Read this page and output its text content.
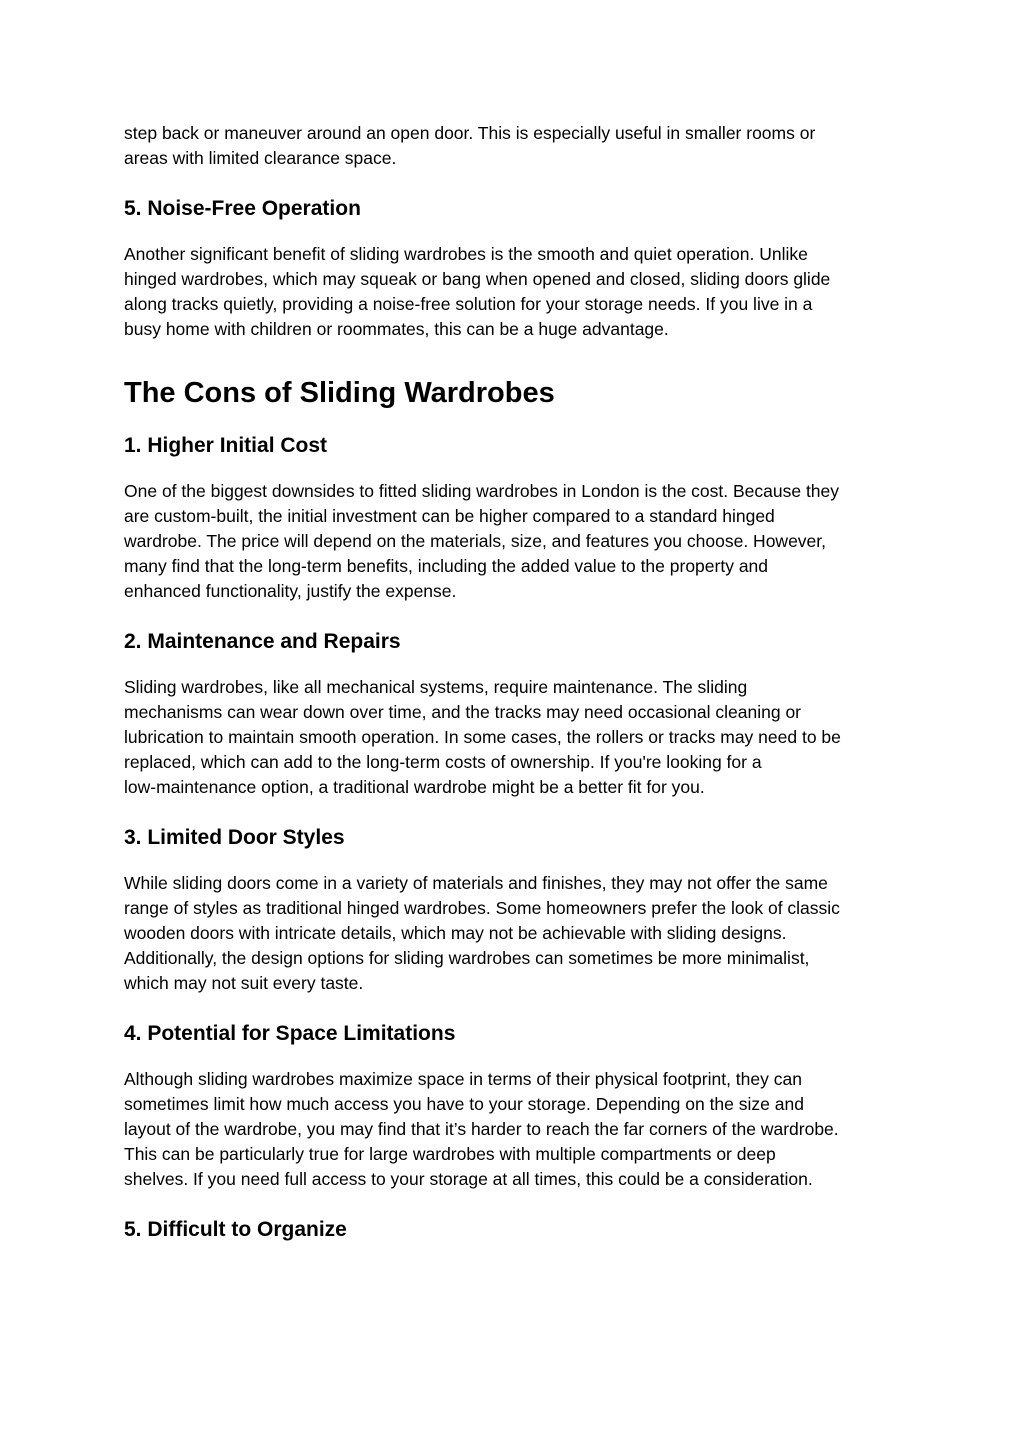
step back or maneuver around an open door. This is especially useful in smaller rooms or
areas with limited clearance space.

5. Noise-Free Operation

Another significant benefit of sliding wardrobes is the smooth and quiet operation. Unlike
hinged wardrobes, which may squeak or bang when opened and closed, sliding doors glide
along tracks quietly, providing a noise-free solution for your storage needs. If you live in a
busy home with children or roommates, this can be a huge advantage.

The Cons of Sliding Wardrobes
1. Higher Initial Cost

One of the biggest downsides to fitted sliding wardrobes in London is the cost. Because they
are custom-built, the initial investment can be higher compared to a standard hinged
wardrobe. The price will depend on the materials, size, and features you choose. However,
many find that the long-term benefits, including the added value to the property and
enhanced functionality, justify the expense.

2. Maintenance and Repairs

Sliding wardrobes, like all mechanical systems, require maintenance. The sliding
mechanisms can wear down over time, and the tracks may need occasional cleaning or
lubrication to maintain smooth operation. In some cases, the rollers or tracks may need to be
replaced, which can add to the long-term costs of ownership. If you're looking for a
low-maintenance option, a traditional wardrobe might be a better fit for you.

3. Limited Door Styles

While sliding doors come in a variety of materials and finishes, they may not offer the same
range of styles as traditional hinged wardrobes. Some homeowners prefer the look of classic
wooden doors with intricate details, which may not be achievable with sliding designs.
Additionally, the design options for sliding wardrobes can sometimes be more minimalist,
which may not suit every taste.

4. Potential for Space Limitations

Although sliding wardrobes maximize space in terms of their physical footprint, they can
sometimes limit how much access you have to your storage. Depending on the size and
layout of the wardrobe, you may find that it’s harder to reach the far corners of the wardrobe.
This can be particularly true for large wardrobes with multiple compartments or deep
shelves. If you need full access to your storage at all times, this could be a consideration.

5. Difficult to Organize
